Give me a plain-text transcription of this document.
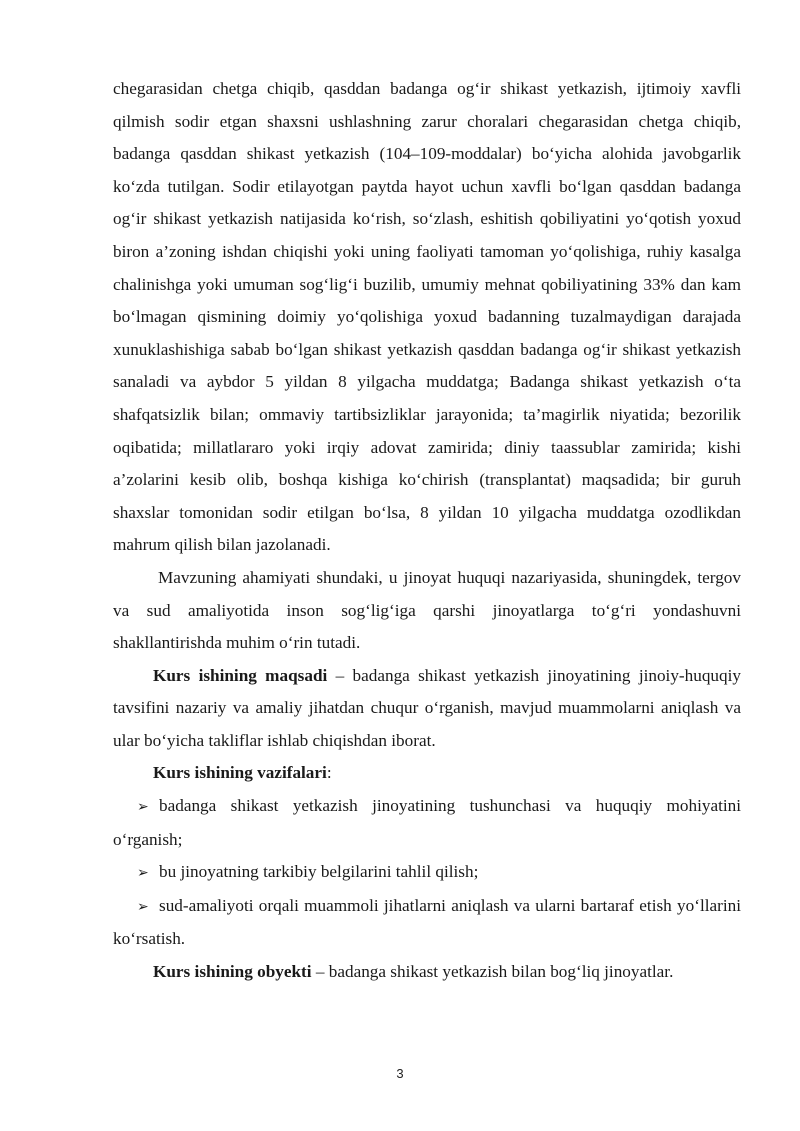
chegarasidan chetga chiqib, qasddan badanga og‘ir shikast yetkazish, ijtimoiy xavfli qilmish sodir etgan shaxsni ushlashning zarur choralari chegarasidan chetga chiqib, badanga qasddan shikast yetkazish (104–109-moddalar) bo‘yicha alohida javobgarlik ko‘zda tutilgan. Sodir etilayotgan paytda hayot uchun xavfli bo‘lgan qasddan badanga og‘ir shikast yetkazish natijasida ko‘rish, so‘zlash, eshitish qobiliyatini yo‘qotish yoxud biron a’zoning ishdan chiqishi yoki uning faoliyati tamoman yo‘qolishiga, ruhiy kasalga chalinishga yoki umuman sog‘lig‘i buzilib, umumiy mehnat qobiliyatining 33% dan kam bo‘lmagan qismining doimiy yo‘qolishiga yoxud badanning tuzalmaydigan darajada xunuklashishiga sabab bo‘lgan shikast yetkazish qasddan badanga og‘ir shikast yetkazish sanaladi va aybdor 5 yildan 8 yilgacha muddatga; Badanga shikast yetkazish o‘ta shafqatsizlik bilan; ommaviy tartibsizliklar jarayonida; ta’magirlik niyatida; bezorilik oqibatida; millatlararo yoki irqiy adovat zamirida; diniy taassublar zamirida; kishi a’zolarini kesib olib, boshqa kishiga ko‘chirish (transplantat) maqsadida; bir guruh shaxslar tomonidan sodir etilgan bo‘lsa, 8 yildan 10 yilgacha muddatga ozodlikdan mahrum qilish bilan jazolanadi.

Mavzuning ahamiyati shundaki, u jinoyat huquqi nazariyasida, shuningdek, tergov va sud amaliyotida inson sog‘lig‘iga qarshi jinoyatlarga to‘g‘ri yondashuvni shakllantirishda muhim o‘rin tutadi.

Kurs ishining maqsadi – badanga shikast yetkazish jinoyatining jinoiy-huquqiy tavsifini nazariy va amaliy jihatdan chuqur o‘rganish, mavjud muammolarni aniqlash va ular bo‘yicha takliflar ishlab chiqishdan iborat.

Kurs ishining vazifalari:

➢ badanga shikast yetkazish jinoyatining tushunchasi va huquqiy mohiyatini o‘rganish;

➢ bu jinoyatning tarkibiy belgilarini tahlil qilish;

➢ sud-amaliyoti orqali muammoli jihatlarni aniqlash va ularni bartaraf etish yo‘llarini ko‘rsatish.

Kurs ishining obyekti – badanga shikast yetkazish bilan bog‘liq jinoyatlar.

3
